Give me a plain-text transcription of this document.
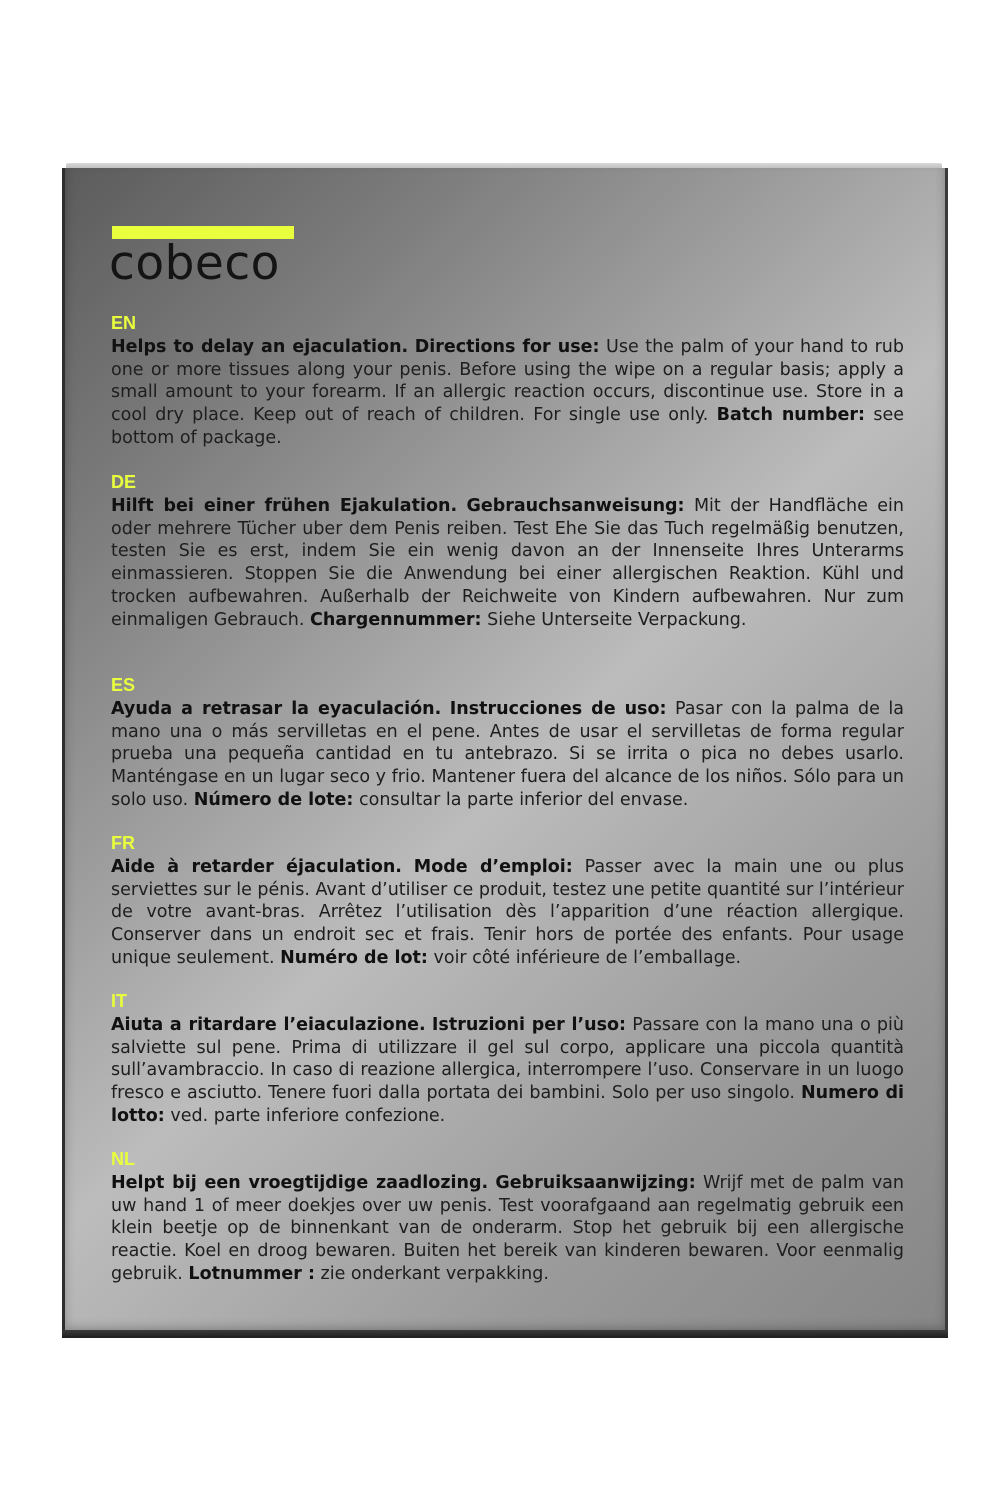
cobeco
EN
Helps to delay an ejaculation. Directions for use: Use the palm of your hand to rub one or more tissues along your penis. Before using the wipe on a regular basis; apply a small amount to your forearm. If an allergic reaction occurs, discontinue use. Store in a cool dry place. Keep out of reach of children. For single use only. Batch number: see bottom of package.
DE
Hilft bei einer frühen Ejakulation. Gebrauchsanweisung: Mit der Handfläche ein oder mehrere Tücher uber dem Penis reiben. Test Ehe Sie das Tuch regelmäßig benutzen, testen Sie es erst, indem Sie ein wenig davon an der Innenseite Ihres Unterarms einmassieren. Stoppen Sie die Anwendung bei einer allergischen Reaktion. Kühl und trocken aufbewahren. Außerhalb der Reichweite von Kindern aufbewahren. Nur zum einmaligen Gebrauch. Chargennummer: Siehe Unterseite Verpackung.
ES
Ayuda a retrasar la eyaculación. Instrucciones de uso: Pasar con la palma de la mano una o más servilletas en el pene. Antes de usar el servilletas de forma regular prueba una pequeña cantidad en tu antebrazo. Si se irrita o pica no debes usarlo. Manténgase en un lugar seco y frio. Mantener fuera del alcance de los niños. Sólo para un solo uso. Número de lote: consultar la parte inferior del envase.
FR
Aide à retarder éjaculation. Mode d’emploi: Passer avec la main une ou plus serviettes sur le pénis. Avant d’utiliser ce produit, testez une petite quantité sur l’intérieur de votre avant-bras. Arrêtez l’utilisation dès l’apparition d’une réaction allergique. Conserver dans un endroit sec et frais. Tenir hors de portée des enfants. Pour usage unique seulement. Numéro de lot: voir côté inférieure de l’emballage.
IT
Aiuta a ritardare l’eiaculazione. Istruzioni per l’uso: Passare con la mano una o più salviette sul pene. Prima di utilizzare il gel sul corpo, applicare una piccola quantità sull’avambraccio. In caso di reazione allergica, interrompere l’uso. Conservare in un luogo fresco e asciutto. Tenere fuori dalla portata dei bambini. Solo per uso singolo. Numero di lotto: ved. parte inferiore confezione.
NL
Helpt bij een vroegtijdige zaadlozing. Gebruiksaanwijzing: Wrijf met de palm van uw hand 1 of meer doekjes over uw penis. Test voorafgaand aan regelmatig gebruik een klein beetje op de binnenkant van de onderarm. Stop het gebruik bij een allergische reactie. Koel en droog bewaren. Buiten het bereik van kinderen bewaren. Voor eenmalig gebruik. Lotnummer : zie onderkant verpakking.
